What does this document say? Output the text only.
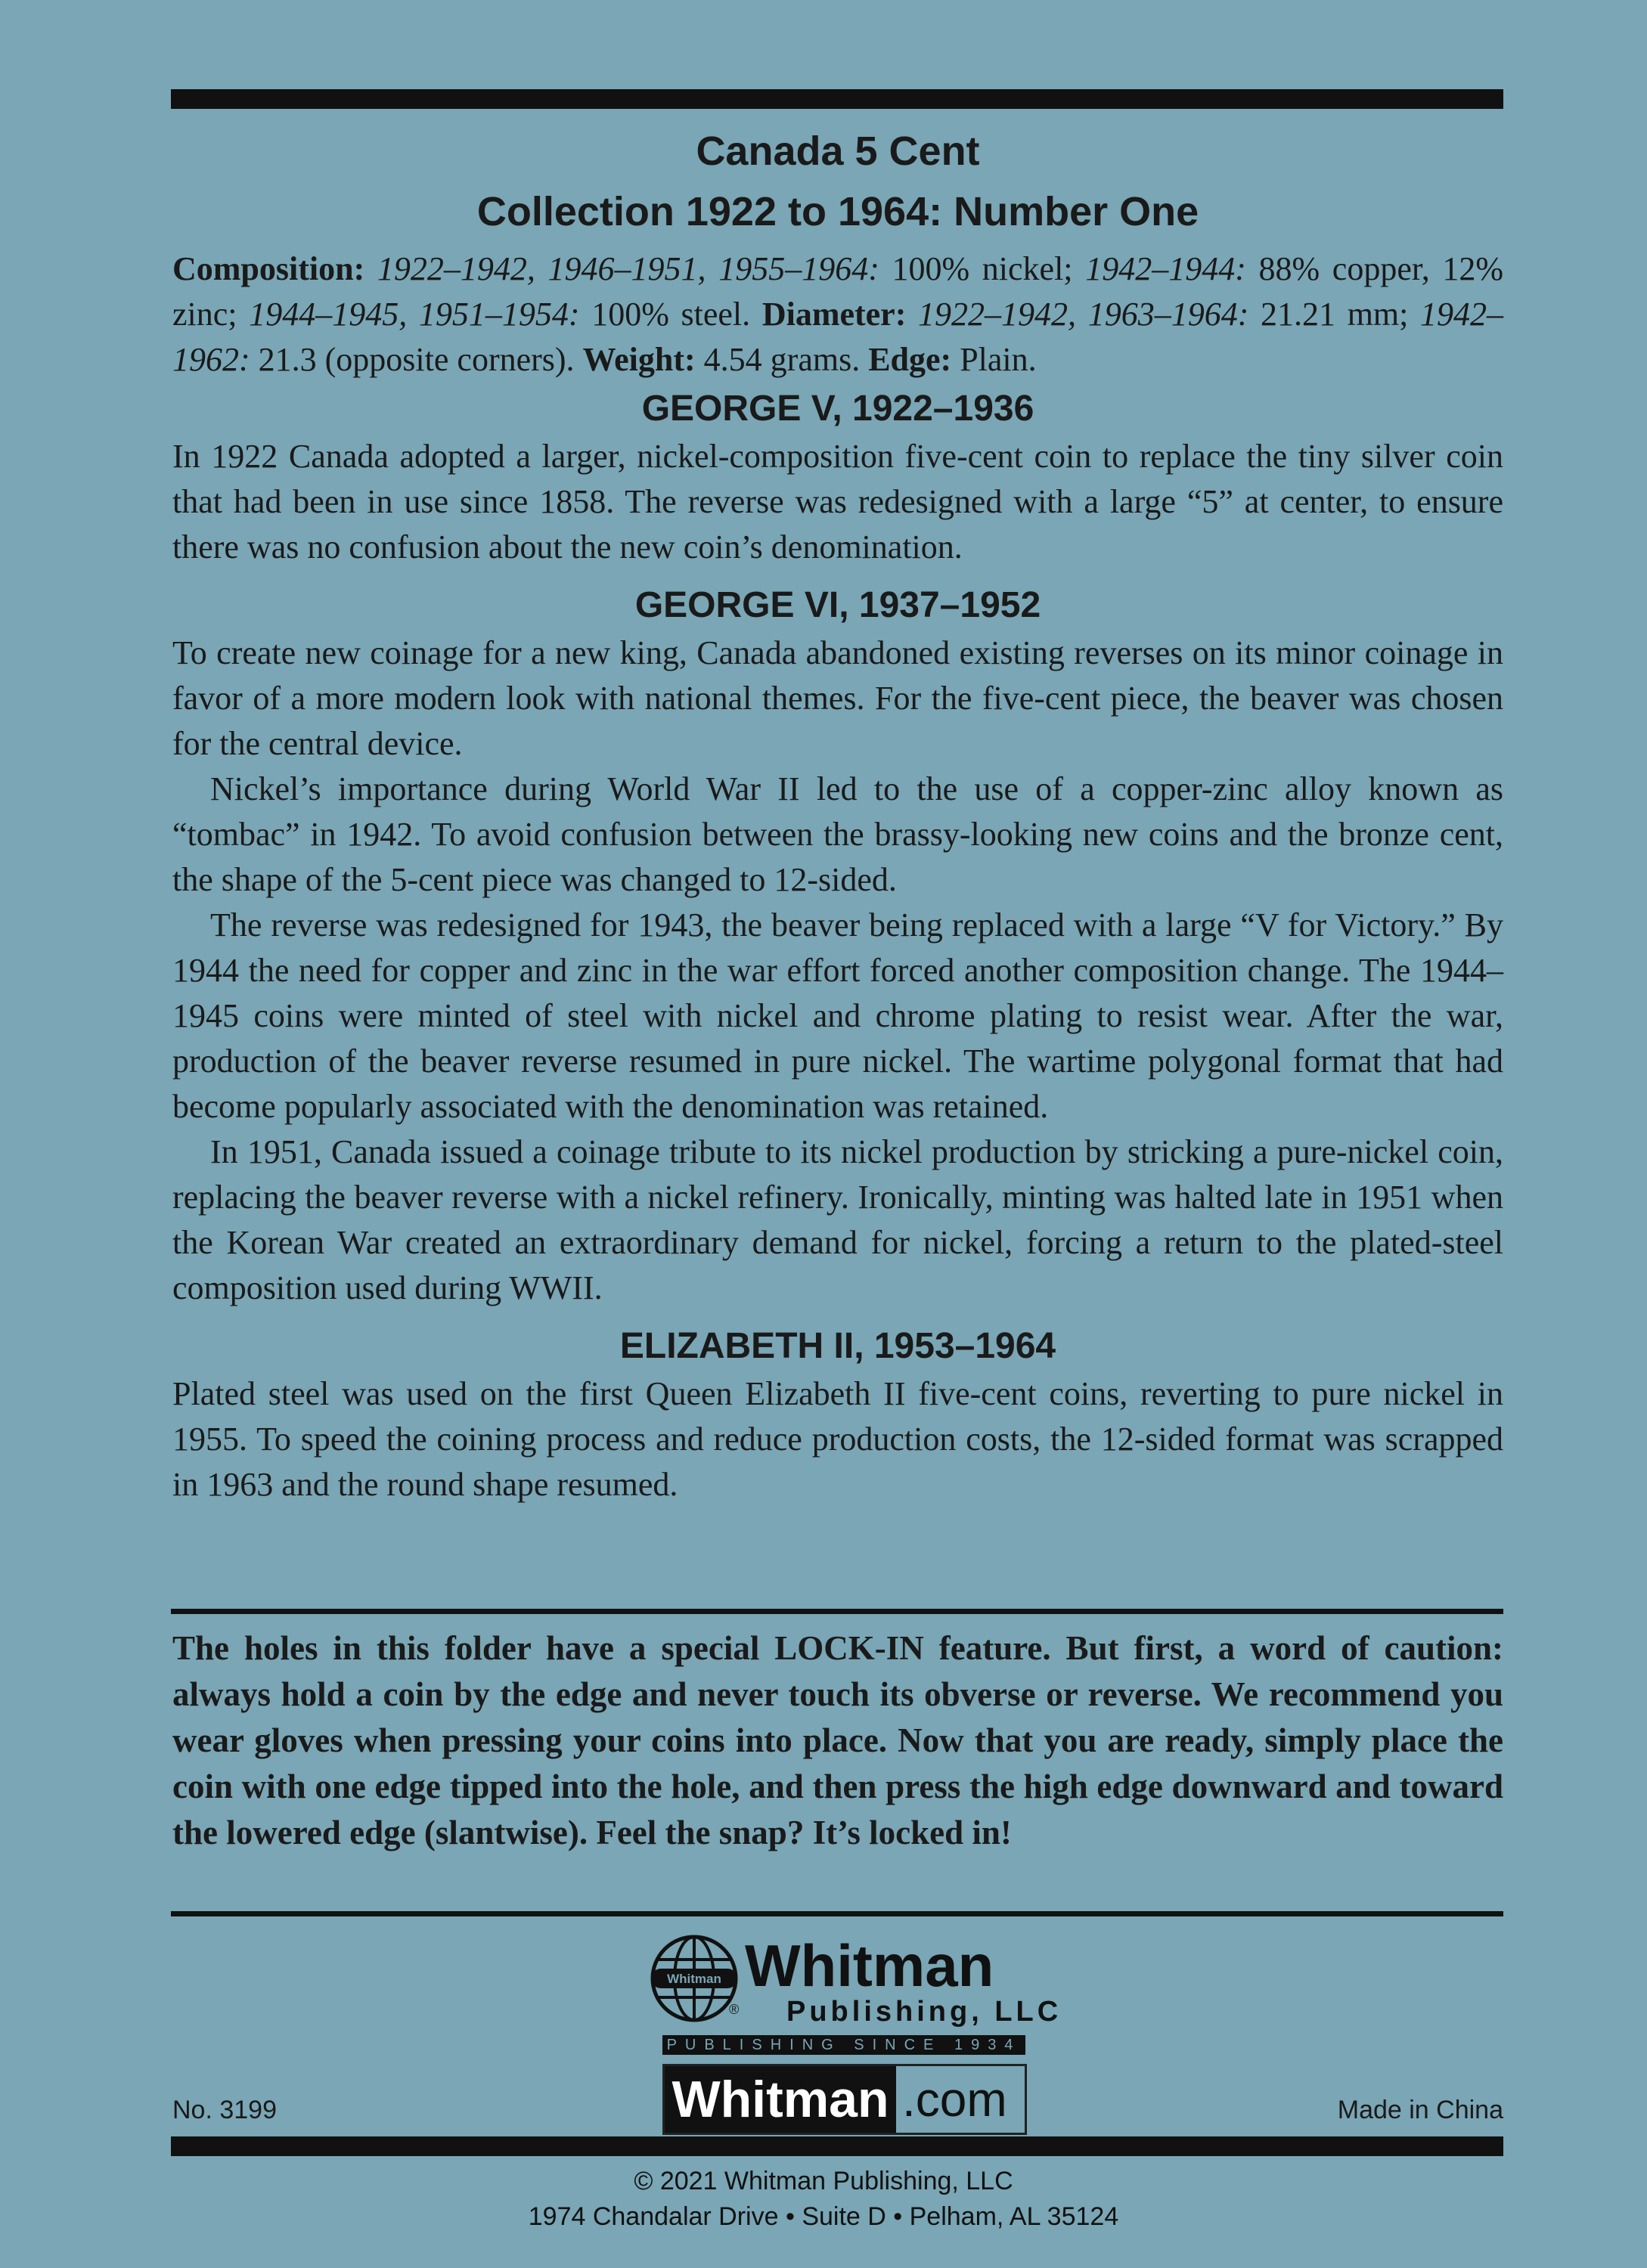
Canada 5 Cent

Collection 1922 to 1964: Number One

Composition: 1922–1942, 1946–1951, 1955–1964: 100% nickel; 1942–1944: 88% copper, 12% zinc; 1944–1945, 1951–1954: 100% steel. Diameter: 1922–1942, 1963–1964: 21.21 mm; 1942–1962: 21.3 (opposite corners). Weight: 4.54 grams. Edge: Plain.

GEORGE V, 1922–1936

In 1922 Canada adopted a larger, nickel-composition five-cent coin to replace the tiny silver coin that had been in use since 1858. The reverse was redesigned with a large “5” at center, to ensure there was no confusion about the new coin’s denomination.

GEORGE VI, 1937–1952

To create new coinage for a new king, Canada abandoned existing reverses on its minor coinage in favor of a more modern look with national themes. For the five-cent piece, the beaver was chosen for the central device.

Nickel’s importance during World War II led to the use of a copper-zinc alloy known as “tombac” in 1942. To avoid confusion between the brassy-looking new coins and the bronze cent, the shape of the 5-cent piece was changed to 12-sided.

The reverse was redesigned for 1943, the beaver being replaced with a large “V for Victory.” By 1944 the need for copper and zinc in the war effort forced another composition change. The 1944–1945 coins were minted of steel with nickel and chrome plating to resist wear. After the war, production of the beaver reverse resumed in pure nickel. The wartime polygonal format that had become popularly associated with the denomination was retained.

In 1951, Canada issued a coinage tribute to its nickel production by stricking a pure-nickel coin, replacing the beaver reverse with a nickel refinery. Ironically, minting was halted late in 1951 when the Korean War created an extraordinary demand for nickel, forcing a return to the plated-steel composition used during WWII.

ELIZABETH II, 1953–1964

Plated steel was used on the first Queen Elizabeth II five-cent coins, reverting to pure nickel in 1955. To speed the coining process and reduce production costs, the 12-sided format was scrapped in 1963 and the round shape resumed.

The holes in this folder have a special LOCK-IN feature. But first, a word of caution: always hold a coin by the edge and never touch its obverse or reverse. We recommend you wear gloves when pressing your coins into place. Now that you are ready, simply place the coin with one edge tipped into the hole, and then press the high edge downward and toward the lowered edge (slantwise). Feel the snap? It’s locked in!

Whitman Whitman
® Publishing, LLC
PUBLISHING SINCE 1934
Whitman .com
No. 3199	Made in China
© 2021 Whitman Publishing, LLC
1974 Chandalar Drive • Suite D • Pelham, AL 35124
